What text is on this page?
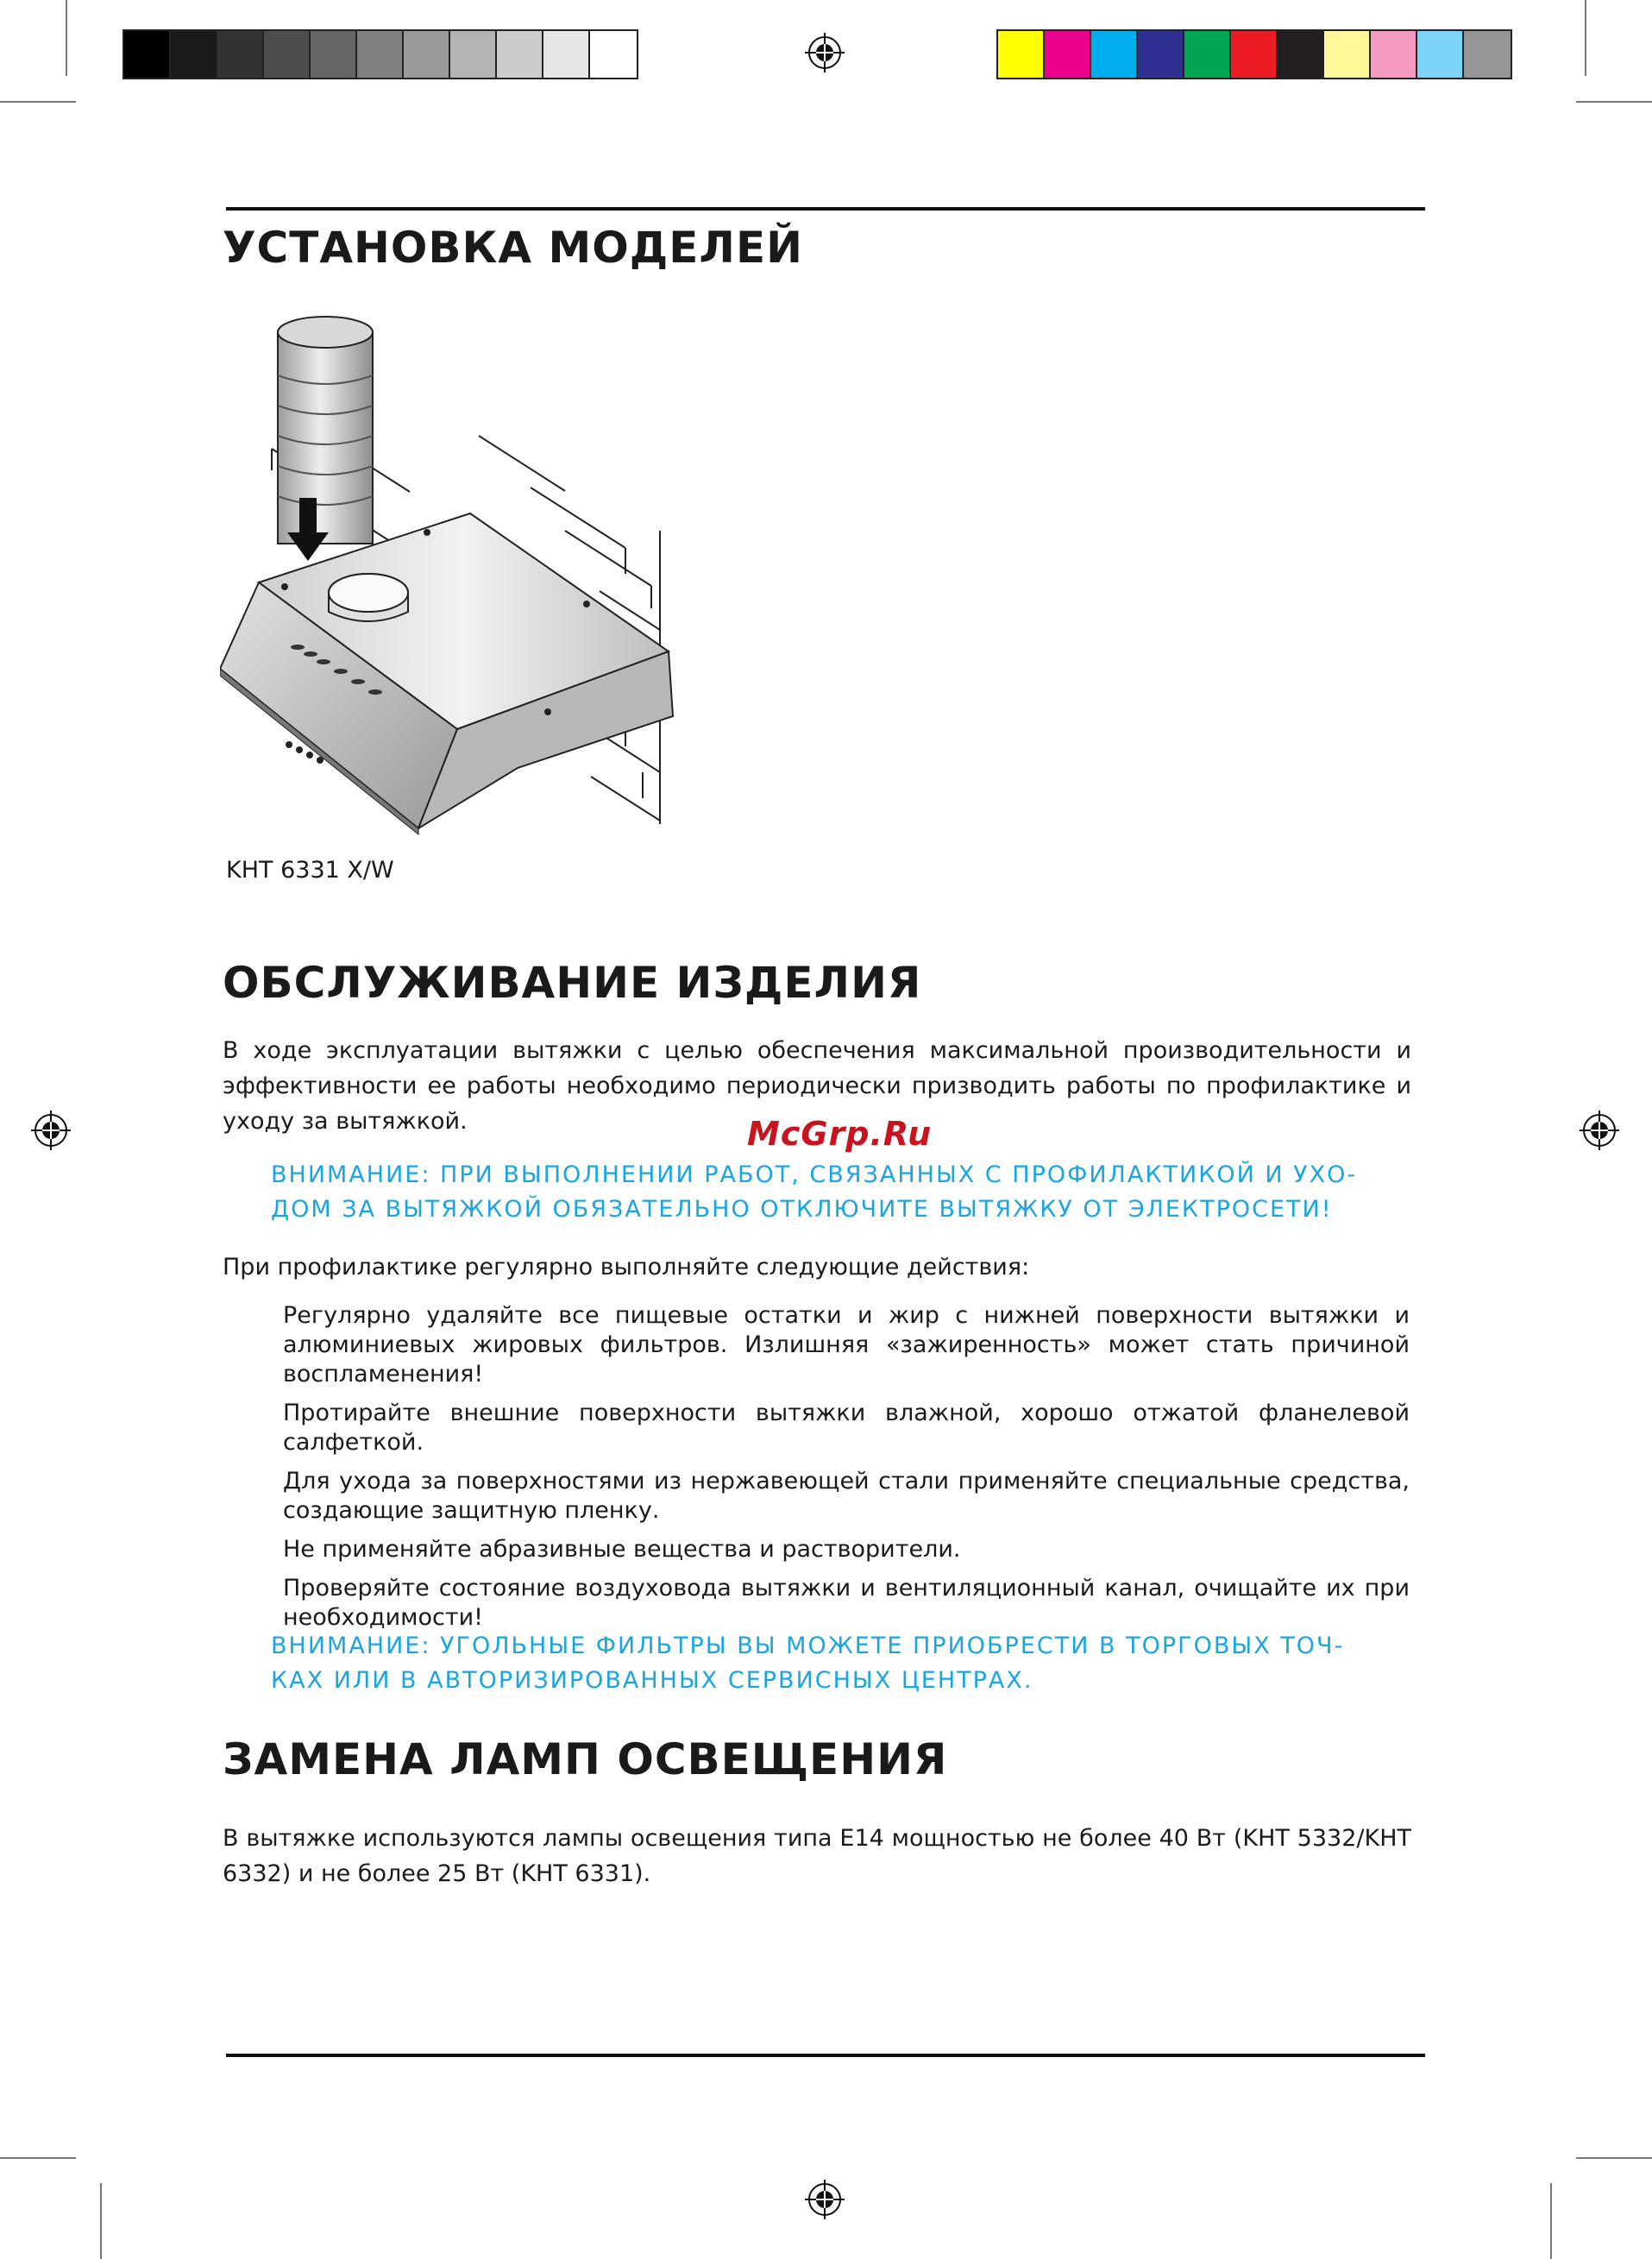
УСТАНОВКА МОДЕЛЕЙ
KHT 6331 X/W
ОБСЛУЖИВАНИЕ ИЗДЕЛИЯ

В ходе эксплуатации вытяжки с целью обеспечения максимальной производительности и эффективности ее работы необходимо периодически призводить работы по профилактике и уходу за вытяжкой.	McGrp.Ru
ВНИМАНИЕ: ПРИ ВЫПОЛНЕНИИ РАБОТ, СВЯЗАННЫХ С ПРОФИЛАКТИКОЙ И УХО-
ДОМ ЗА ВЫТЯЖКОЙ ОБЯЗАТЕЛЬНО ОТКЛЮЧИТЕ ВЫТЯЖКУ ОТ ЭЛЕКТРОСЕТИ!

При профилактике регулярно выполняйте следующие действия:

Регулярно удаляйте все пищевые остатки и жир с нижней поверхности вытяжки и алюминиевых жировых фильтров. Излишняя «зажиренность» может стать причиной воспламенения!
Протирайте внешние поверхности вытяжки влажной, хорошо отжатой фланелевой салфеткой.
Для ухода за поверхностями из нержавеющей стали применяйте специальные средства, создающие защитную пленку.
Не применяйте абразивные вещества и растворители.
Проверяйте состояние воздуховода вытяжки и вентиляционный канал, очищайте их при необходимости!
ВНИМАНИЕ: УГОЛЬНЫЕ ФИЛЬТРЫ ВЫ МОЖЕТЕ ПРИОБРЕСТИ В ТОРГОВЫХ ТОЧ-
КАХ ИЛИ В АВТОРИЗИРОВАННЫХ СЕРВИСНЫХ ЦЕНТРАХ.
ЗАМЕНА ЛАМП ОСВЕЩЕНИЯ

В вытяжке используются лампы освещения типа Е14 мощностью не более 40 Вт (KHT 5332/KHT 6332) и не более 25 Вт (KHT 6331).
